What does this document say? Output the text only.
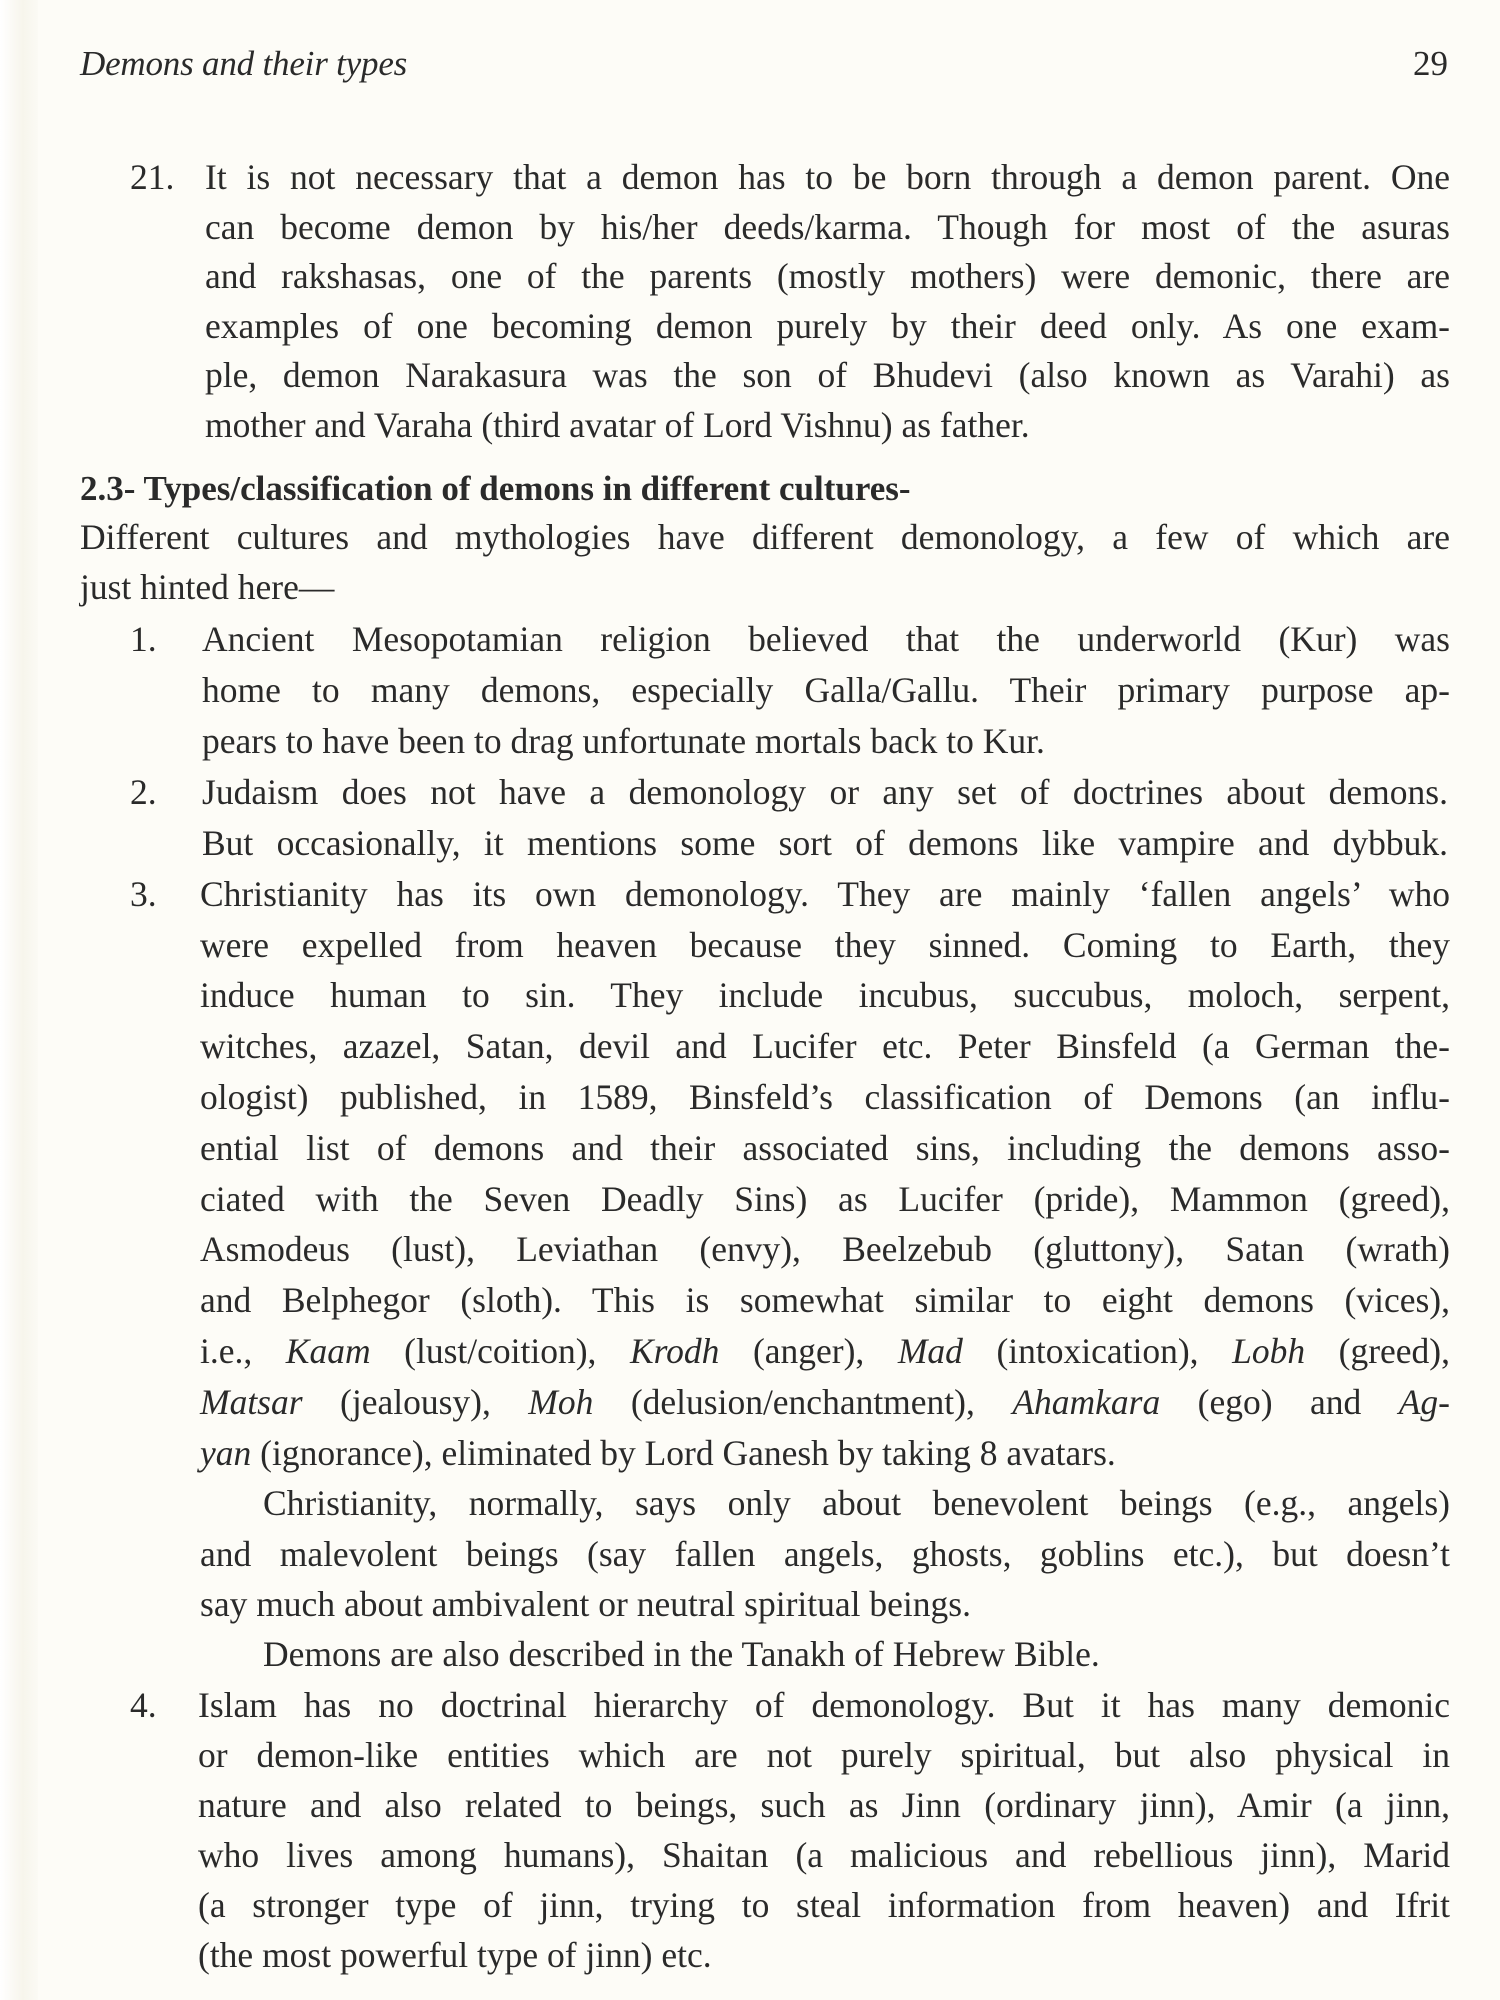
Demons and their types	29
21. It is not necessary that a demon has to be born through a demon parent. One
can become demon by his/her deeds/karma. Though for most of the asuras
and rakshasas, one of the parents (mostly mothers) were demonic, there are
examples of one becoming demon purely by their deed only. As one exam-
ple, demon Narakasura was the son of Bhudevi (also known as Varahi) as
mother and Varaha (third avatar of Lord Vishnu) as father.
2.3- Types/classification of demons in different cultures-
Different cultures and mythologies have different demonology, a few of which are
just hinted here—
1. Ancient Mesopotamian religion believed that the underworld (Kur) was
home to many demons, especially Galla/Gallu. Their primary purpose ap-
pears to have been to drag unfortunate mortals back to Kur.
2. Judaism does not have a demonology or any set of doctrines about demons.
But occasionally, it mentions some sort of demons like vampire and dybbuk.
3. Christianity has its own demonology. They are mainly ‘fallen angels’ who
were expelled from heaven because they sinned. Coming to Earth, they
induce human to sin. They include incubus, succubus, moloch, serpent,
witches, azazel, Satan, devil and Lucifer etc. Peter Binsfeld (a German the-
ologist) published, in 1589, Binsfeld’s classification of Demons (an influ-
ential list of demons and their associated sins, including the demons asso-
ciated with the Seven Deadly Sins) as Lucifer (pride), Mammon (greed),
Asmodeus (lust), Leviathan (envy), Beelzebub (gluttony), Satan (wrath)
and Belphegor (sloth). This is somewhat similar to eight demons (vices),
i.e., Kaam (lust/coition), Krodh (anger), Mad (intoxication), Lobh (greed),
Matsar (jealousy), Moh (delusion/enchantment), Ahamkara (ego) and Ag-
yan (ignorance), eliminated by Lord Ganesh by taking 8 avatars.
Christianity, normally, says only about benevolent beings (e.g., angels)
and malevolent beings (say fallen angels, ghosts, goblins etc.), but doesn’t
say much about ambivalent or neutral spiritual beings.
Demons are also described in the Tanakh of Hebrew Bible.
4. Islam has no doctrinal hierarchy of demonology. But it has many demonic
or demon-like entities which are not purely spiritual, but also physical in
nature and also related to beings, such as Jinn (ordinary jinn), Amir (a jinn,
who lives among humans), Shaitan (a malicious and rebellious jinn), Marid
(a stronger type of jinn, trying to steal information from heaven) and Ifrit
(the most powerful type of jinn) etc.
